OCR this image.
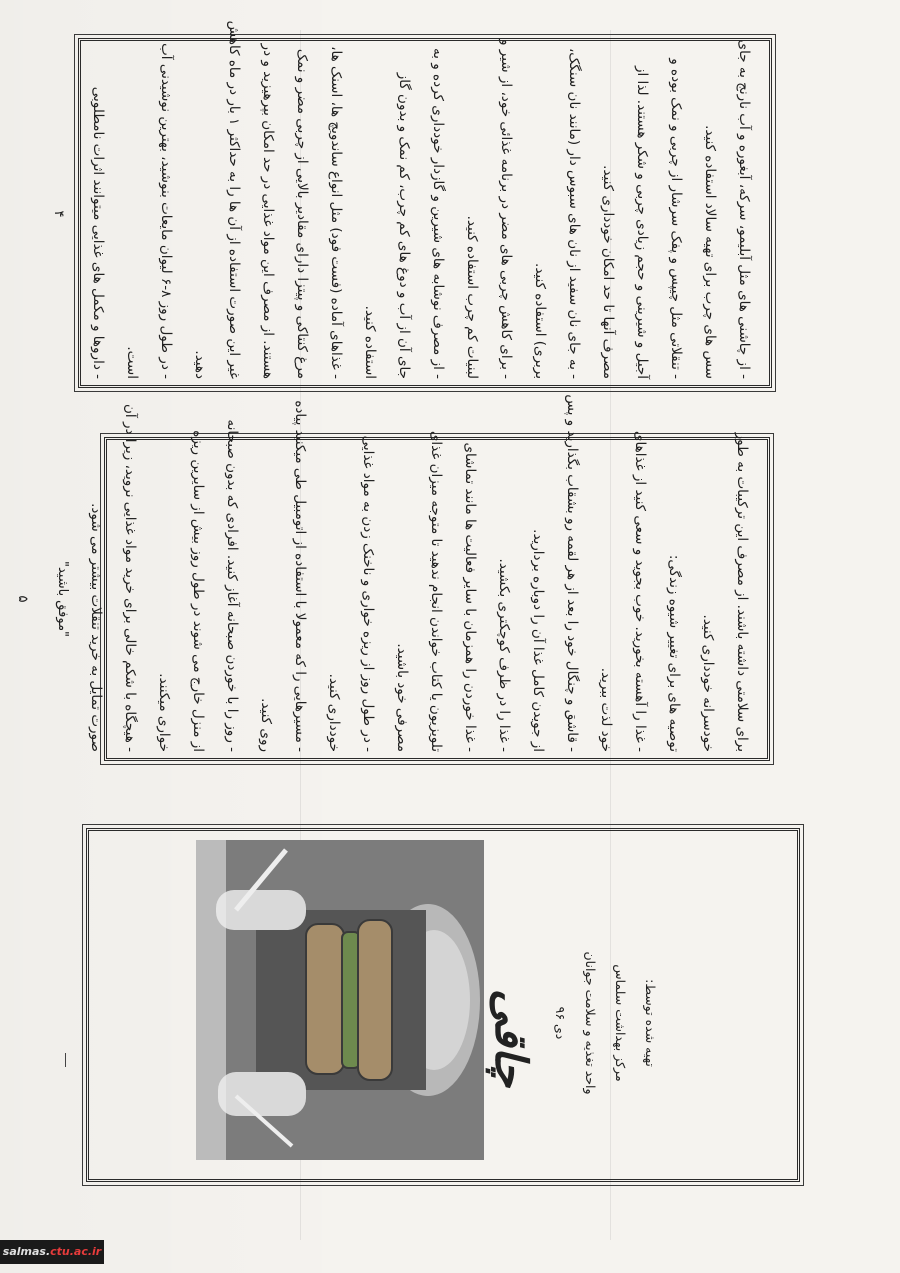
- از چاشنی های مثل آبلیمو، سرکه، آبغوره و آب نارنج به جای
سس های چرب برای تهیه سالاد استفاده کنید.
- تنقلاتی مثل چیپس و پفک سرشار از چربی و نمک بوده و
آجیل و شیرینی و حجم زیادی چربی و شکر هستند. لذا از
مصرف آنها تا حد امکان خودداری کنید.
- به جای نان سفید از نان های سبوس دار (مانند نان سنگک،
بربری) استفاده کنید.
- برای کاهش چربی های مضر در برنامه غذائی خود، از شیر و
لبنیات کم چرب استفاده کنید.
- از مصرف نوشابه های شیرین و گازدار خودداری کرده و به
جای آن از آب و دوغ های کم چرب، کم نمک و بدون گاز
استفاده کنید.
- غذاهای آماده (فست فود) مثل انواع ساندویچ ها، اسنک ها،
مرغ کنتاکی و پیتزا دارای مقادیر بالایی از چربی مضر و نمک
هستند. از مصرف این مواد غذایی در حد امکان بپرهیزید و در
غیر این صورت استفاده از آن ها را به حداکثر ۱ بار در ماه کاهش
دهید.
- در طول روز ۸-۶ لیوان مایعات بنوشید، بهترین نوشیدنی آب
است.
- داروها و مکمل های غذایی میتوانند اثرات نامطلوبی
۴
برای سلامتی داشته باشند. از مصرف این ترکیبات به طور
خودسرانه خودداری کنید.
توصیه های برای تغییر شیوه زندگی:
- غذا را آهسته بخورید. خوب بجوید و سعی کنید از غذاهای
خود لذت ببرید.
- قاشق و چنگال خود را بعد از هر لقمه رو بشقاب بگذارید و پس
از جویدن کامل غذا آن را دوباره بردارید.
- غذا را در ظرف کوچکتری بکشید.
- غذا خوردن را همزمان با سایر فعالیت ها مانند تماشای
تلویزیون یا کتاب خواندن انجام ندهید تا متوجه میزان غذای
مصرفی خود باشید.
- در طول روز از ریزه خواری و ناخنک زدن به مواد غذایی
خودداری کنید.
- مسیرهایی را که معمولا با استفاده از اتومبیل طی میکنید پیاده
روی کنید.
- روز را با خوردن صبحانه آغاز کنید. افرادی که بدون صبحانه
از منزل خارج می شوند در طول روز بیش از سایرین ریزه
خواری میکنند.
- هیچگاه با شکم خالی برای خرید مواد غذایی نروید، زیرا در آن
صورت تمایل به خرید تنقلات بیشتر می شود.
"موفق باشید"
۵
چاقی	تهیه شده توسط:
مرکز بهداشت سلماس
واحد تغذیه و سلامت جوانان
دی ۹۶
salmas.ctu.ac.ir
